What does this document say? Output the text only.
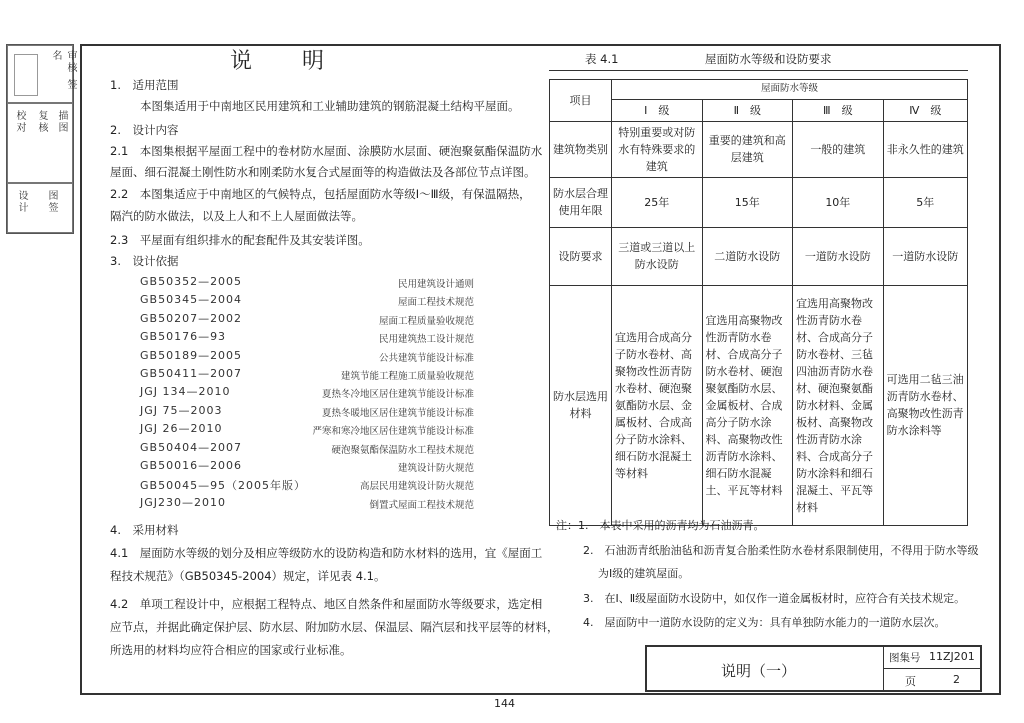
审核 签名
校对 复核 描图
设计 图签
说　　明
1.　适用范围
本图集适用于中南地区民用建筑和工业辅助建筑的钢筋混凝土结构平屋面。
2.　设计内容
2.1　本图集根据平屋面工程中的卷材防水屋面、涂膜防水层面、硬泡聚氨酯保温防水
屋面、细石混凝土刚性防水和刚柔防水复合式屋面等的构造做法及各部位节点详图。
2.2　本图集适应于中南地区的气候特点，包括屋面防水等级Ⅰ～Ⅲ级，有保温隔热，
隔汽的防水做法，以及上人和不上人屋面做法等。
2.3　平屋面有组织排水的配套配件及其安装详图。
3.　设计依据
GB50352—2005	民用建筑设计通则
GB50345—2004	屋面工程技术规范
GB50207—2002	屋面工程质量验收规范
GB50176—93	民用建筑热工设计规范
GB50189—2005	公共建筑节能设计标准
GB50411—2007	建筑节能工程施工质量验收规范
JGJ 134—2010	夏热冬冷地区居住建筑节能设计标准
JGJ 75—2003	夏热冬暖地区居住建筑节能设计标准
JGJ 26—2010	严寒和寒冷地区居住建筑节能设计标准
GB50404—2007	硬泡聚氨酯保温防水工程技术规范
GB50016—2006	建筑设计防火规范
GB50045—95（2005年版）	高层民用建筑设计防火规范
JGJ230—2010	倒置式屋面工程技术规范
4.　采用材料
4.1　屋面防水等级的划分及相应等级防水的设防构造和防水材料的选用，宜《屋面工
程技术规范》（GB50345-2004）规定，详见表 4.1。
4.2　单项工程设计中，应根据工程特点、地区自然条件和屋面防水等级要求，选定相
应节点，并据此确定保护层、防水层、附加防水层、保温层、隔汽层和找平层等的材料，
所选用的材料均应符合相应的国家或行业标准。
表 4.1	屋面防水等级和设防要求
项目	屋面防水等级			
	Ⅰ　级	Ⅱ　级	Ⅲ　级	Ⅳ　级
建筑物类别	特别重要或对防水有特殊要求的建筑	重要的建筑和高层建筑	一般的建筑	非永久性的建筑
防水层合理使用年限	25年	15年	10年	5年
设防要求	三道或三道以上防水设防	二道防水设防	一道防水设防	一道防水设防
防水层选用材料	宜选用合成高分子防水卷材、高聚物改性沥青防水卷材、硬泡聚氨酯防水层、金属板材、合成高分子防水涂料、细石防水混凝土等材料	宜选用高聚物改性沥青防水卷材、合成高分子防水卷材、硬泡聚氨酯防水层、金属板材、合成高分子防水涂料、高聚物改性沥青防水涂料、细石防水混凝土、平瓦等材料	宜选用高聚物改性沥青防水卷材、合成高分子防水卷材、三毡四油沥青防水卷材、硬泡聚氨酯防水材料、金属板材、高聚物改性沥青防水涂料、合成高分子防水涂料和细石混凝土、平瓦等材料	可选用二毡三油沥青防水卷材、高聚物改性沥青防水涂料等
注：1.　本表中采用的沥青均为石油沥青。
2.　石油沥青纸胎油毡和沥青复合胎柔性防水卷材系限制使用，不得用于防水等级
为Ⅰ级的建筑屋面。
3.　在Ⅰ、Ⅱ级屋面防水设防中，如仅作一道金属板材时，应符合有关技术规定。
4.　屋面防中一道防水设防的定义为：具有单独防水能力的一道防水层次。
说明（一）
图集号 11ZJ201
页	2
144
